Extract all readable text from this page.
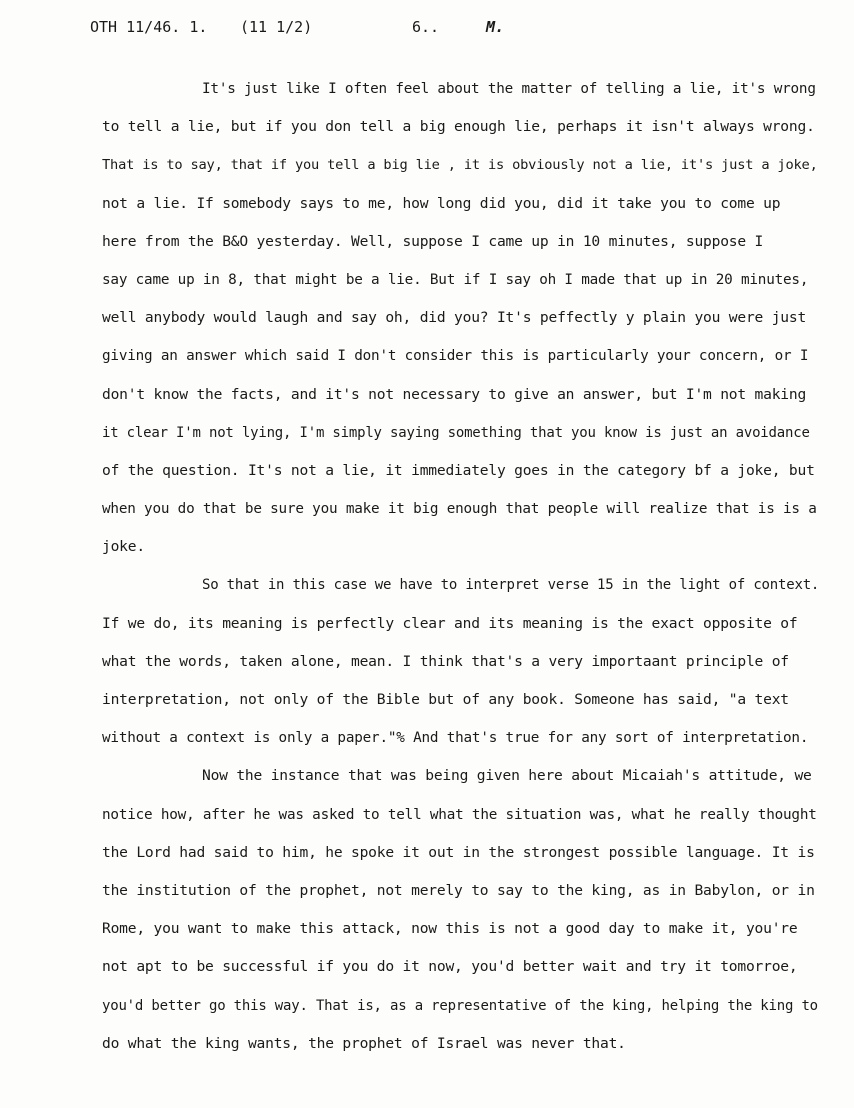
OTH 11/46. 1. (11 1/2)	6..	M.
It's just like I often feel about the matter of telling a lie, it's wrong
to tell a lie, but if you don tell a big enough lie, perhaps it isn't always wrong.
That is to say, that if you tell a big lie , it is obviously not a lie, it's just a joke,
not a lie. If somebody says to me, how long did you, did it take you to come up
here from the B&O yesterday. Well, suppose I came up in 10 minutes, suppose I
say came up in 8, that might be a lie. But if I say oh I made that up in 20 minutes,
well anybody would laugh and say oh, did you? It's peffectly y plain you were just
giving an answer which said I don't consider this is particularly your concern, or I
don't know the facts, and it's not necessary to give an answer, but I'm not making
it clear I'm not lying, I'm simply saying something that you know is just an avoidance
of the question. It's not a lie, it immediately goes in the category bf a joke, but
when you do that be sure you make it big enough that people will realize that is is a
joke.
So that in this case we have to interpret verse 15 in the light of context.
If we do, its meaning is perfectly clear and its meaning is the exact opposite of
what the words, taken alone, mean. I think that's a very importaant principle of
interpretation, not only of the Bible but of any book. Someone has said, "a text
without a context is only a paper."% And that's true for any sort of interpretation.
Now the instance that was being given here about Micaiah's attitude, we
notice how, after he was asked to tell what the situation was, what he really thought
the Lord had said to him, he spoke it out in the strongest possible language. It is
the institution of the prophet, not merely to say to the king, as in Babylon, or in
Rome, you want to make this attack, now this is not a good day to make it, you're
not apt to be successful if you do it now, you'd better wait and try it tomorroe,
you'd better go this way. That is, as a representative of the king, helping the king to
do what the king wants, the prophet of Israel was never that.
